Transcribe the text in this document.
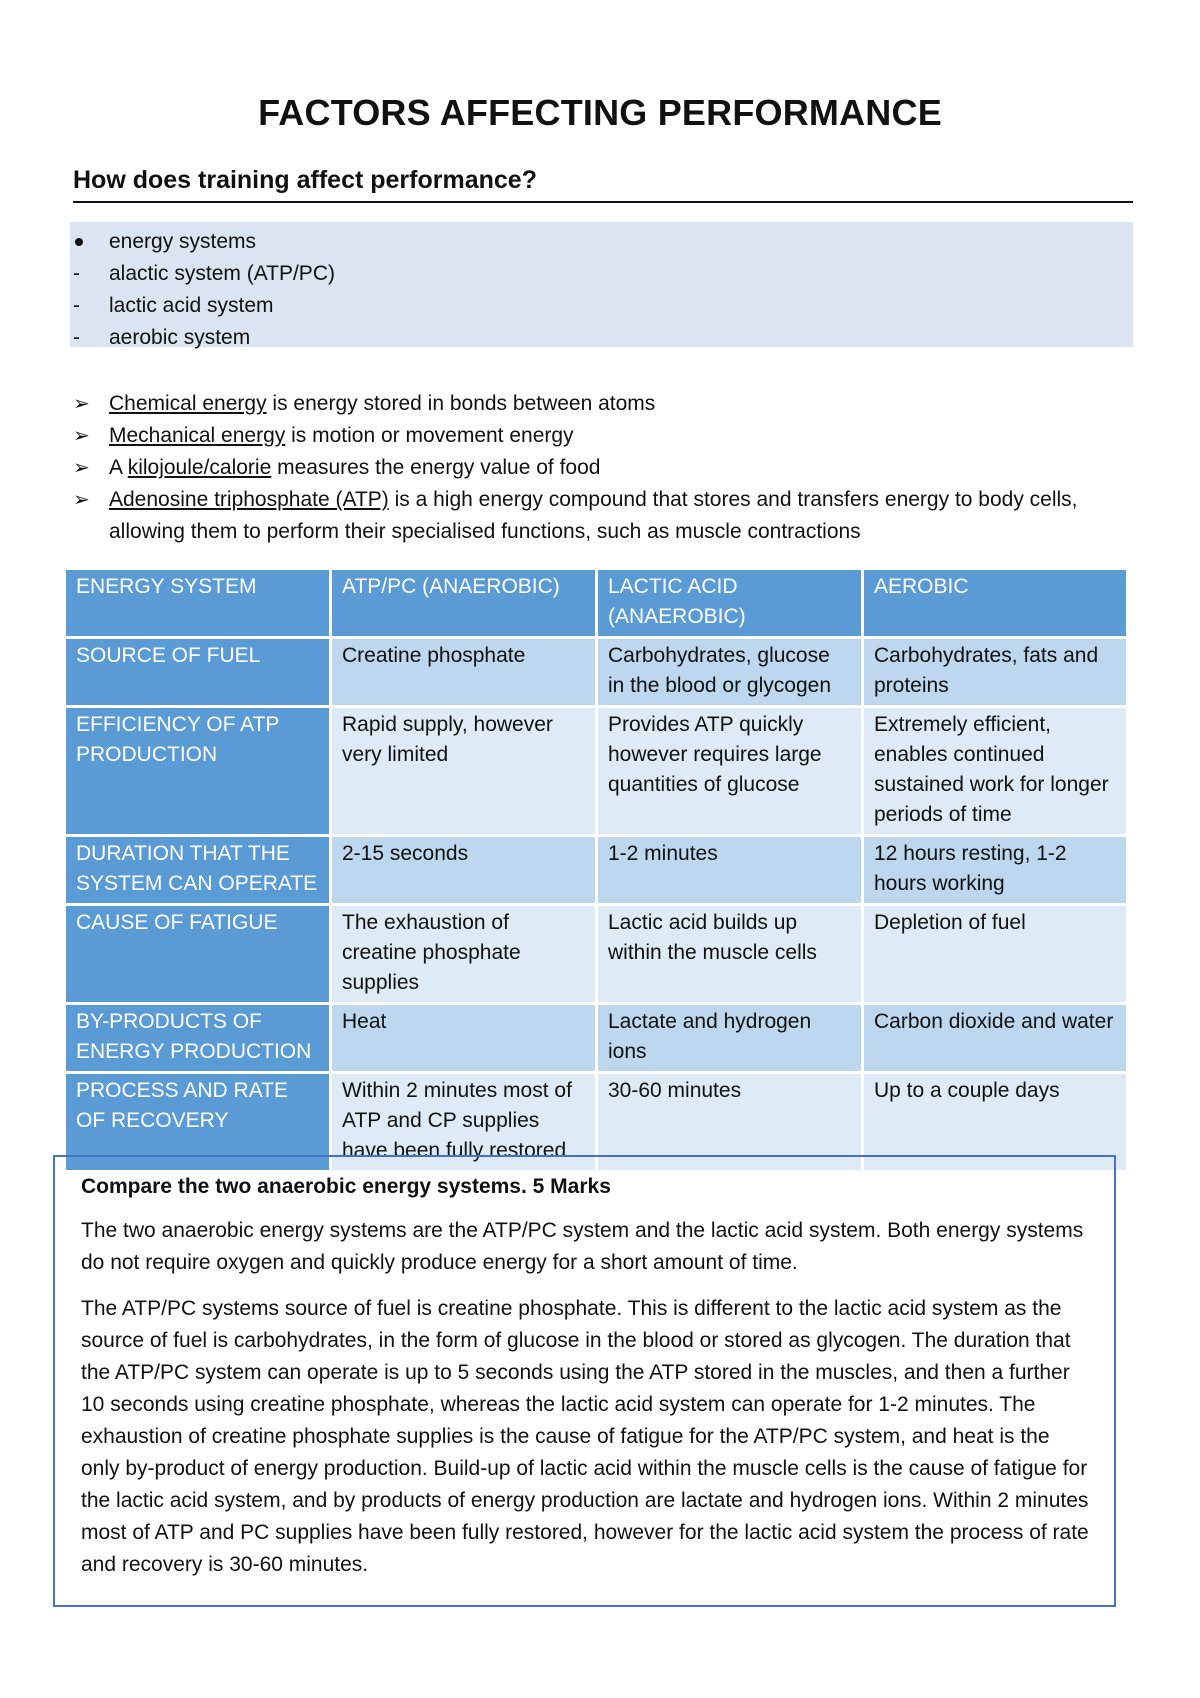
FACTORS AFFECTING PERFORMANCE
How does training affect performance?
energy systems
-	alactic system (ATP/PC)
-	lactic acid system
-	aerobic system
➢ Chemical energy is energy stored in bonds between atoms
➢ Mechanical energy is motion or movement energy
➢ A kilojoule/calorie measures the energy value of food
➢ Adenosine triphosphate (ATP) is a high energy compound that stores and transfers energy to body cells, allowing them to perform their specialised functions, such as muscle contractions
ENERGY SYSTEM	ATP/PC (ANAEROBIC)	LACTIC ACID (ANAEROBIC)	AEROBIC
SOURCE OF FUEL	Creatine phosphate	Carbohydrates, glucose in the blood or glycogen	Carbohydrates, fats and proteins
EFFICIENCY OF ATP PRODUCTION	Rapid supply, however very limited	Provides ATP quickly however requires large quantities of glucose	Extremely efficient, enables continued sustained work for longer periods of time
DURATION THAT THE SYSTEM CAN OPERATE	2-15 seconds	1-2 minutes	12 hours resting, 1-2 hours working
CAUSE OF FATIGUE	The exhaustion of creatine phosphate supplies	Lactic acid builds up within the muscle cells	Depletion of fuel
BY-PRODUCTS OF ENERGY PRODUCTION	Heat	Lactate and hydrogen ions	Carbon dioxide and water
PROCESS AND RATE OF RECOVERY	Within 2 minutes most of ATP and CP supplies have been fully restored	30-60 minutes	Up to a couple days
Compare the two anaerobic energy systems. 5 Marks

The two anaerobic energy systems are the ATP/PC system and the lactic acid system. Both energy systems do not require oxygen and quickly produce energy for a short amount of time.

The ATP/PC systems source of fuel is creatine phosphate. This is different to the lactic acid system as the source of fuel is carbohydrates, in the form of glucose in the blood or stored as glycogen. The duration that the ATP/PC system can operate is up to 5 seconds using the ATP stored in the muscles, and then a further 10 seconds using creatine phosphate, whereas the lactic acid system can operate for 1-2 minutes. The exhaustion of creatine phosphate supplies is the cause of fatigue for the ATP/PC system, and heat is the only by-product of energy production. Build-up of lactic acid within the muscle cells is the cause of fatigue for the lactic acid system, and by products of energy production are lactate and hydrogen ions. Within 2 minutes most of ATP and PC supplies have been fully restored, however for the lactic acid system the process of rate and recovery is 30-60 minutes.
